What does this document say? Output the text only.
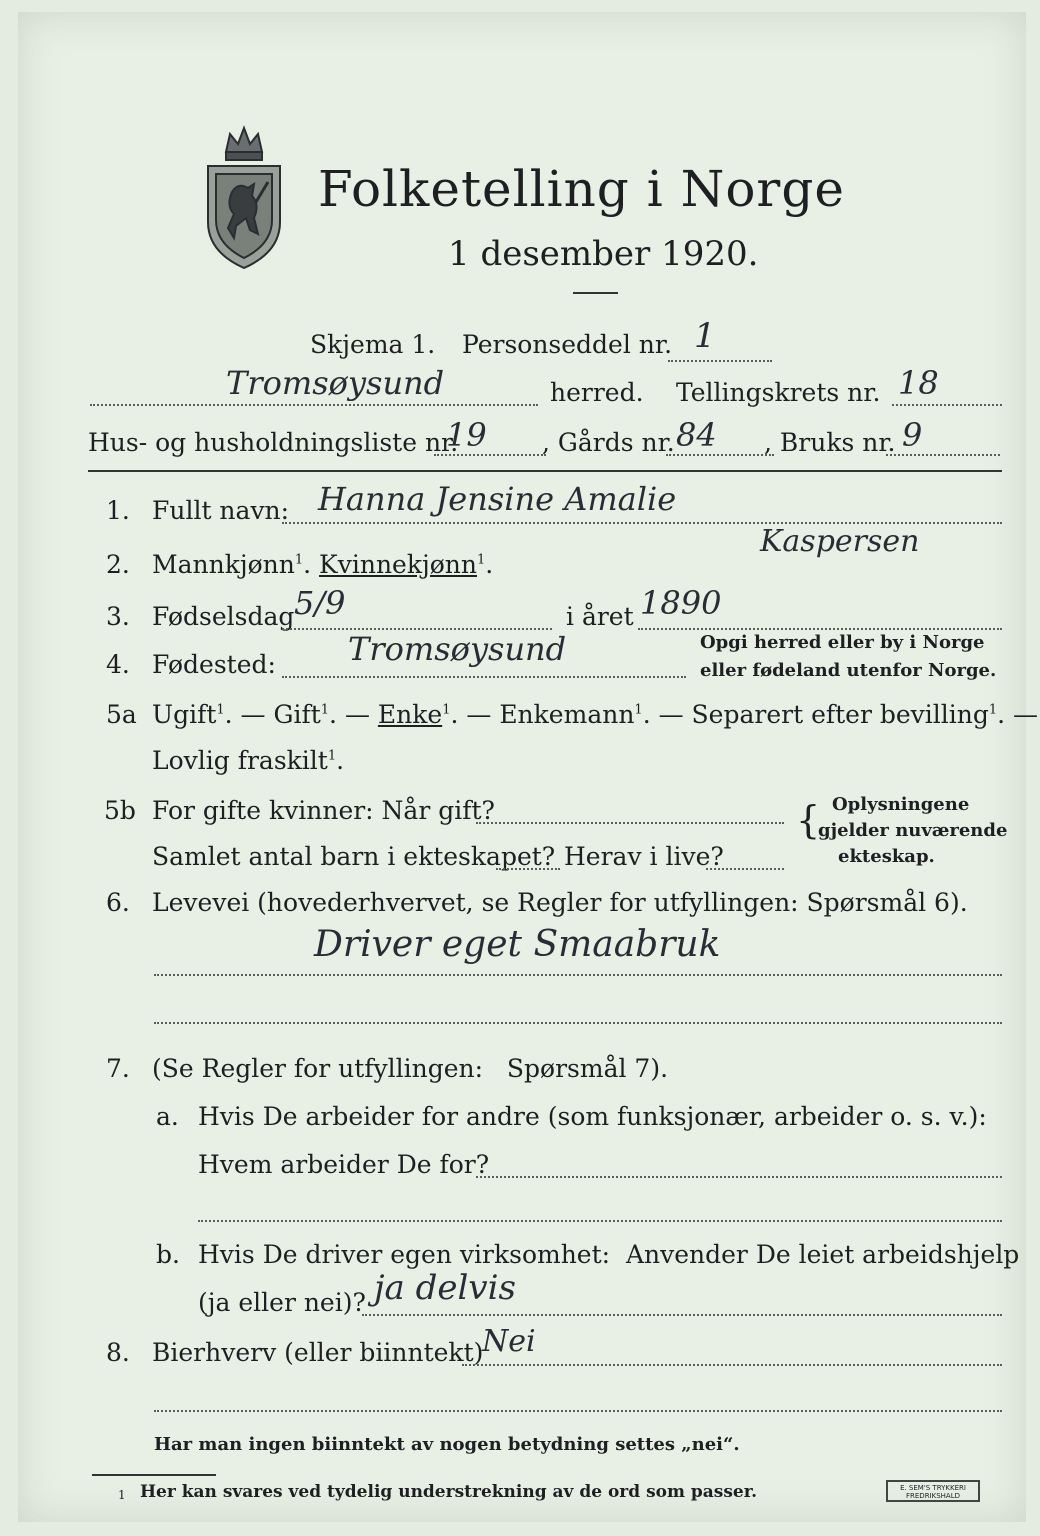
Folketelling i Norge
1 desember 1920.
Skjema 1. Personseddel nr. 1
Tromsøysund	herred. Tellingskrets nr. 18
Hus- og husholdningsliste nr.
19 , Gårds nr. 84 , Bruks nr. 9
1. Fullt navn: Hanna Jensine Amalie
Kaspersen
2. Mannkjønn$^1$. Kvinnekjønn$^1$.
3. Fødselsdag 5/9	i året 1890
4. Fødested: Tromsøysund	Opgi herred eller by i Norge
eller fødeland utenfor Norge.
5a Ugift$^1$. — Gift$^1$. — Enke$^1$. — Enkemann$^1$. — Separert efter bevilling$^1$. —
Lovlig fraskilt$^1$.
5b For gifte kvinner: Når gift?
Samlet antal barn i ekteskapet? Herav i live?
{ Oplysningene
gjelder nuværende
ekteskap.
6. Levevei (hovederhvervet, se Regler for utfyllingen: Spørsmål 6).
Driver eget Smaabruk
7. (Se Regler for utfyllingen:   Spørsmål 7).
a. Hvis De arbeider for andre (som funksjonær, arbeider o. s. v.):
Hvem arbeider De for?
b. Hvis De driver egen virksomhet:  Anvender De leiet arbeidshjelp
(ja eller nei)? ja delvis
8. Bierhverv (eller biinntekt)
Nei
Har man ingen biinntekt av nogen betydning settes „nei“.
1 Her kan svares ved tydelig understrekning av de ord som passer.	E. SEM'S TRYKKERI FREDRIKSHALD
